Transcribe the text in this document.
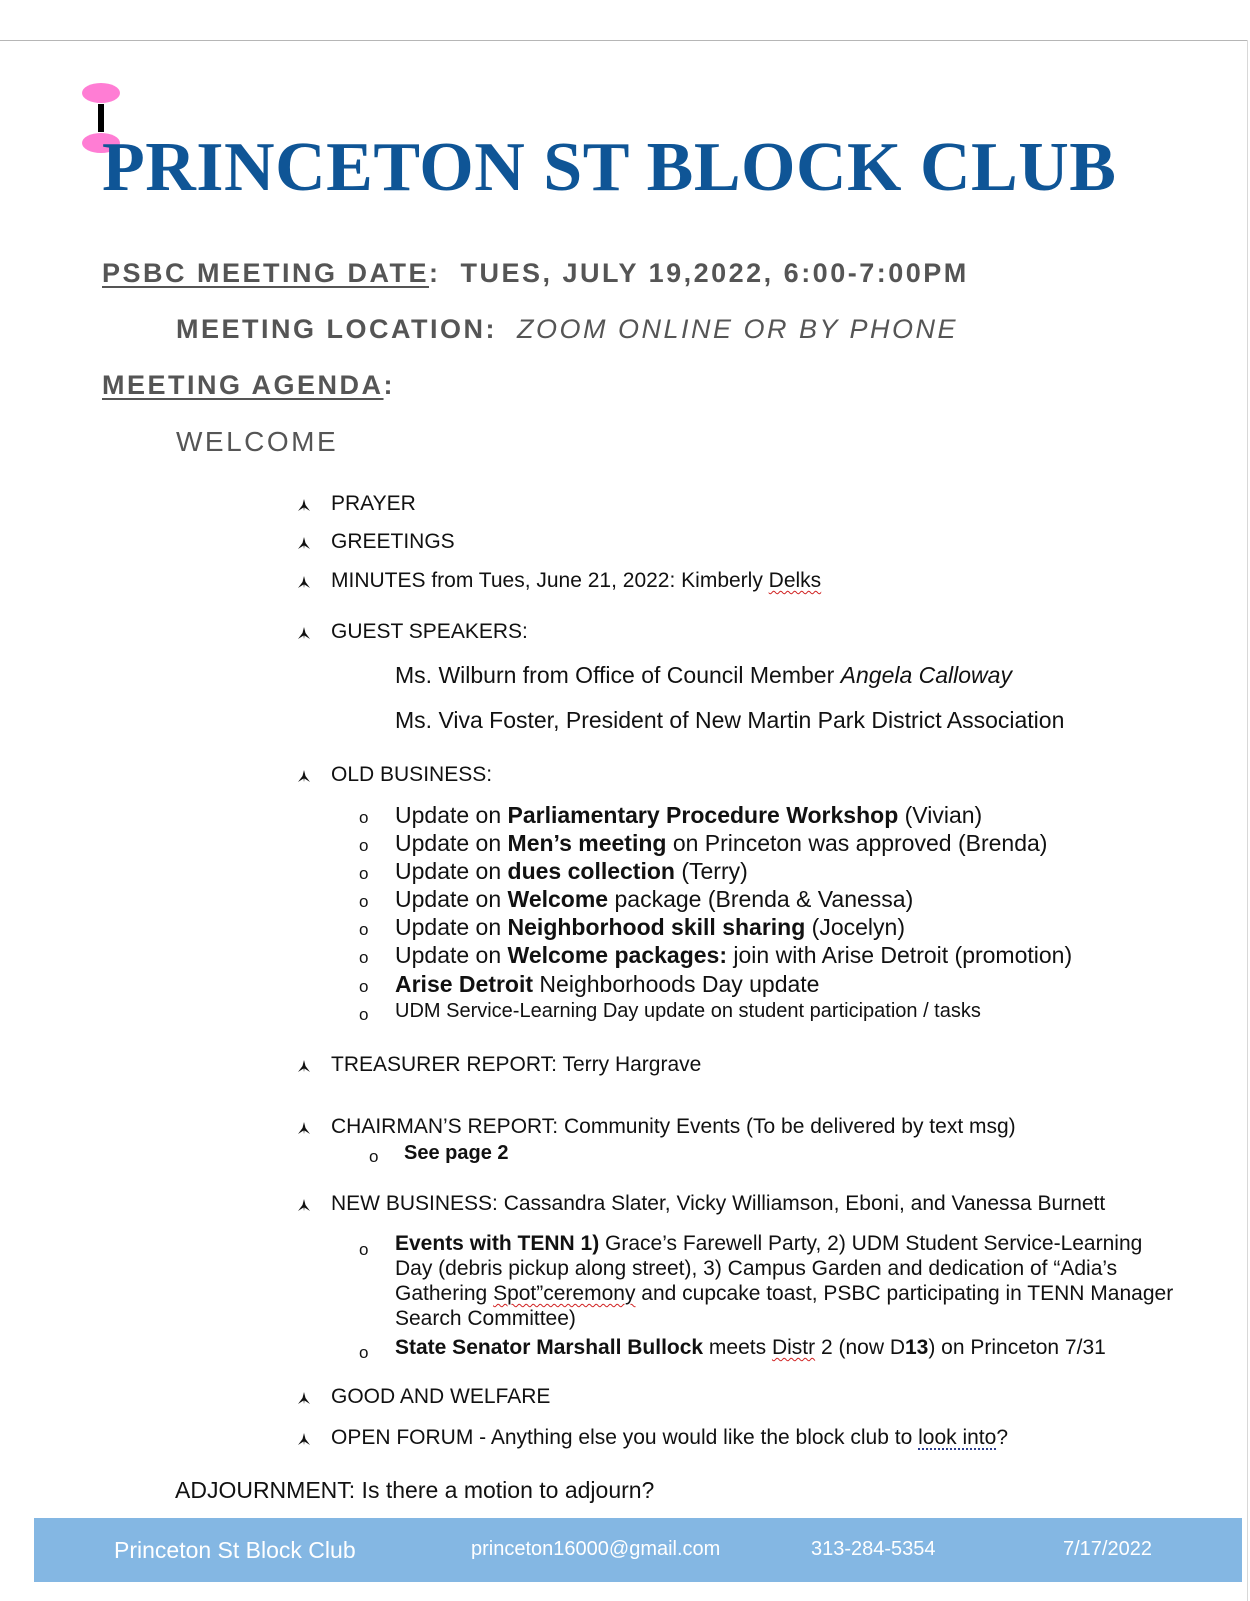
PRINCETON ST BLOCK CLUB
PSBC MEETING DATE:  TUES, JULY 19,2022, 6:00-7:00PM
MEETING LOCATION: ZOOM ONLINE OR BY PHONE
MEETING AGENDA:
WELCOME
PRAYER
GREETINGS
MINUTES from Tues, June 21, 2022: Kimberly Delks
GUEST SPEAKERS:
Ms. Wilburn from Office of Council Member Angela Calloway
Ms. Viva Foster, President of New Martin Park District Association
OLD BUSINESS:
o Update on Parliamentary Procedure Workshop (Vivian)
o Update on Men’s meeting on Princeton was approved (Brenda)
o Update on dues collection (Terry)
o Update on Welcome package (Brenda & Vanessa)
o Update on Neighborhood skill sharing (Jocelyn)
o Update on Welcome packages: join with Arise Detroit (promotion)
o Arise Detroit Neighborhoods Day update
o UDM Service-Learning Day update on student participation / tasks
TREASURER REPORT: Terry Hargrave
CHAIRMAN’S REPORT: Community Events (To be delivered by text msg)
o See page 2
NEW BUSINESS: Cassandra Slater, Vicky Williamson, Eboni, and Vanessa Burnett
o Events with TENN 1) Grace’s Farewell Party, 2) UDM Student Service-Learning Day (debris pickup along street), 3) Campus Garden and dedication of “Adia’s Gathering Spot”ceremony and cupcake toast, PSBC participating in TENN Manager Search Committee)
o State Senator Marshall Bullock meets Distr 2 (now D13) on Princeton 7/31
GOOD AND WELFARE
OPEN FORUM - Anything else you would like the block club to look into?
ADJOURNMENT: Is there a motion to adjourn?
Princeton St Block Club	princeton16000@gmail.com	313-284-5354	7/17/2022
